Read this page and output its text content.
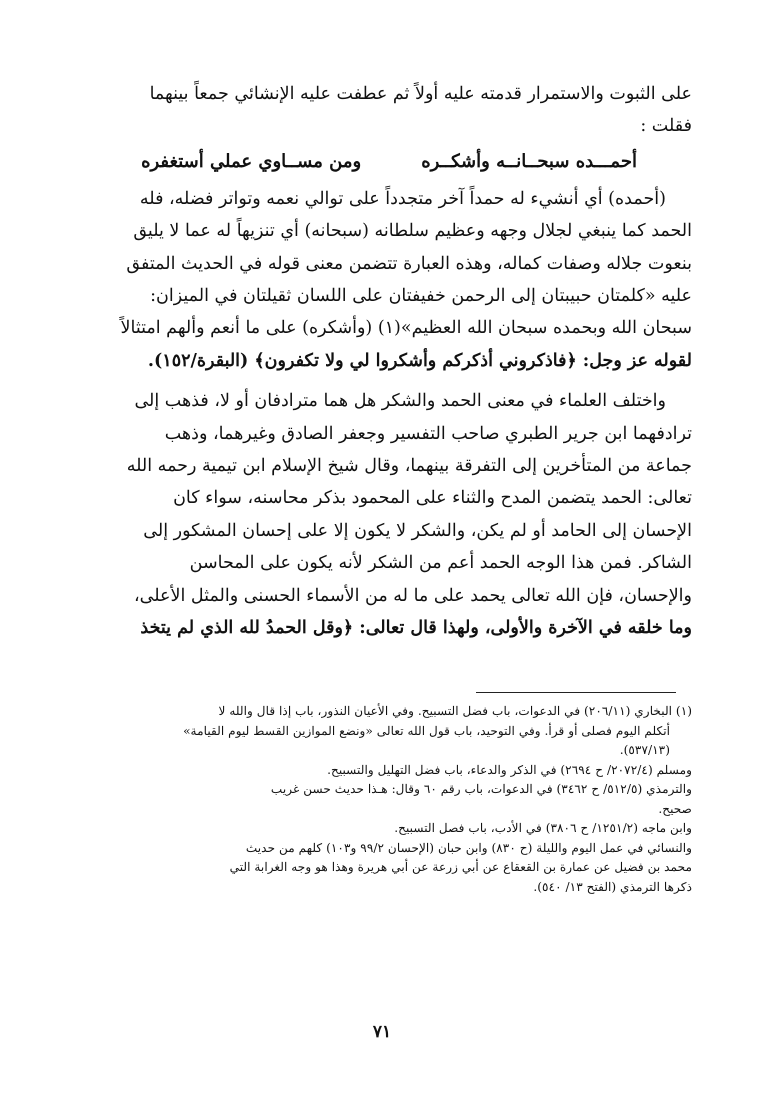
على الثبوت والاستمرار قدمته عليه أولاً ثم عطفت عليه الإنشائي جمعاً بينهما

فقلت :

أحمـــده سبحــانــه وأشكــره
ومن مســاوي عملي أستغفره

(أحمده) أي أنشيء له حمداً آخر متجدداً على توالي نعمه وتواتر فضله، فله

الحمد كما ينبغي لجلال وجهه وعظيم سلطانه (سبحانه) أي تنزيهاً له عما لا يليق

بنعوت جلاله وصفات كماله، وهذه العبارة تتضمن معنى قوله في الحديث المتفق

عليه «كلمتان حبيبتان إلى الرحمن خفيفتان على اللسان ثقيلتان في الميزان:

سبحان الله وبحمده سبحان الله العظيم»(١) (وأشكره) على ما أنعم وألهم امتثالاً

لقوله عز وجل: ﴿فاذكروني أذكركم وأشكروا لي ولا تكفرون﴾ (البقرة/١٥٢).

واختلف العلماء في معنى الحمد والشكر هل هما مترادفان أو لا، فذهب إلى

ترادفهما ابن جرير الطبري صاحب التفسير وجعفر الصادق وغيرهما، وذهب

جماعة من المتأخرين إلى التفرقة بينهما، وقال شيخ الإسلام ابن تيمية رحمه الله

تعالى: الحمد يتضمن المدح والثناء على المحمود بذكر محاسنه، سواء كان

الإحسان إلى الحامد أو لم يكن، والشكر لا يكون إلا على إحسان المشكور إلى

الشاكر. فمن هذا الوجه الحمد أعم من الشكر لأنه يكون على المحاسن

والإحسان، فإن الله تعالى يحمد على ما له من الأسماء الحسنى والمثل الأعلى،

وما خلقه في الآخرة والأولى، ولهذا قال تعالى: ﴿وقل الحمدُ لله الذي لم يتخذ

(١) البخاري (٢٠٦/١١) في الدعوات، باب فضل التسبيح. وفي الأعيان النذور، باب إذا قال والله لا

أتكلم اليوم فصلى أو قرأ. وفي التوحيد، باب قول الله تعالى «ونضع الموازين القسط ليوم القيامة»

(٥٣٧/١٣).

ومسلم (٢٠٧٢/٤/ ح ٢٦٩٤) في الذكر والدعاء، باب فضل التهليل والتسبيح.

والترمذي (٥١٢/٥/ ح ٣٤٦٢) في الدعوات، باب رقم ٦٠ وقال: هـذا حديث حسن غريب

صحيح.

وابن ماجه (١٢٥١/٢/ ح ٣٨٠٦) في الأدب، باب فصل التسبيح.

والنسائي في عمل اليوم والليلة (ح ٨٣٠) وابن حبان (الإحسان ٩٩/٢ و١٠٣) كلهم من حديث

محمد بن فضيل عن عمارة بن القعقاع عن أبي زرعة عن أبي هريرة وهذا هو وجه الغرابة التي

ذكرها الترمذي (الفتح ١٣/ ٥٤٠).

٧١
